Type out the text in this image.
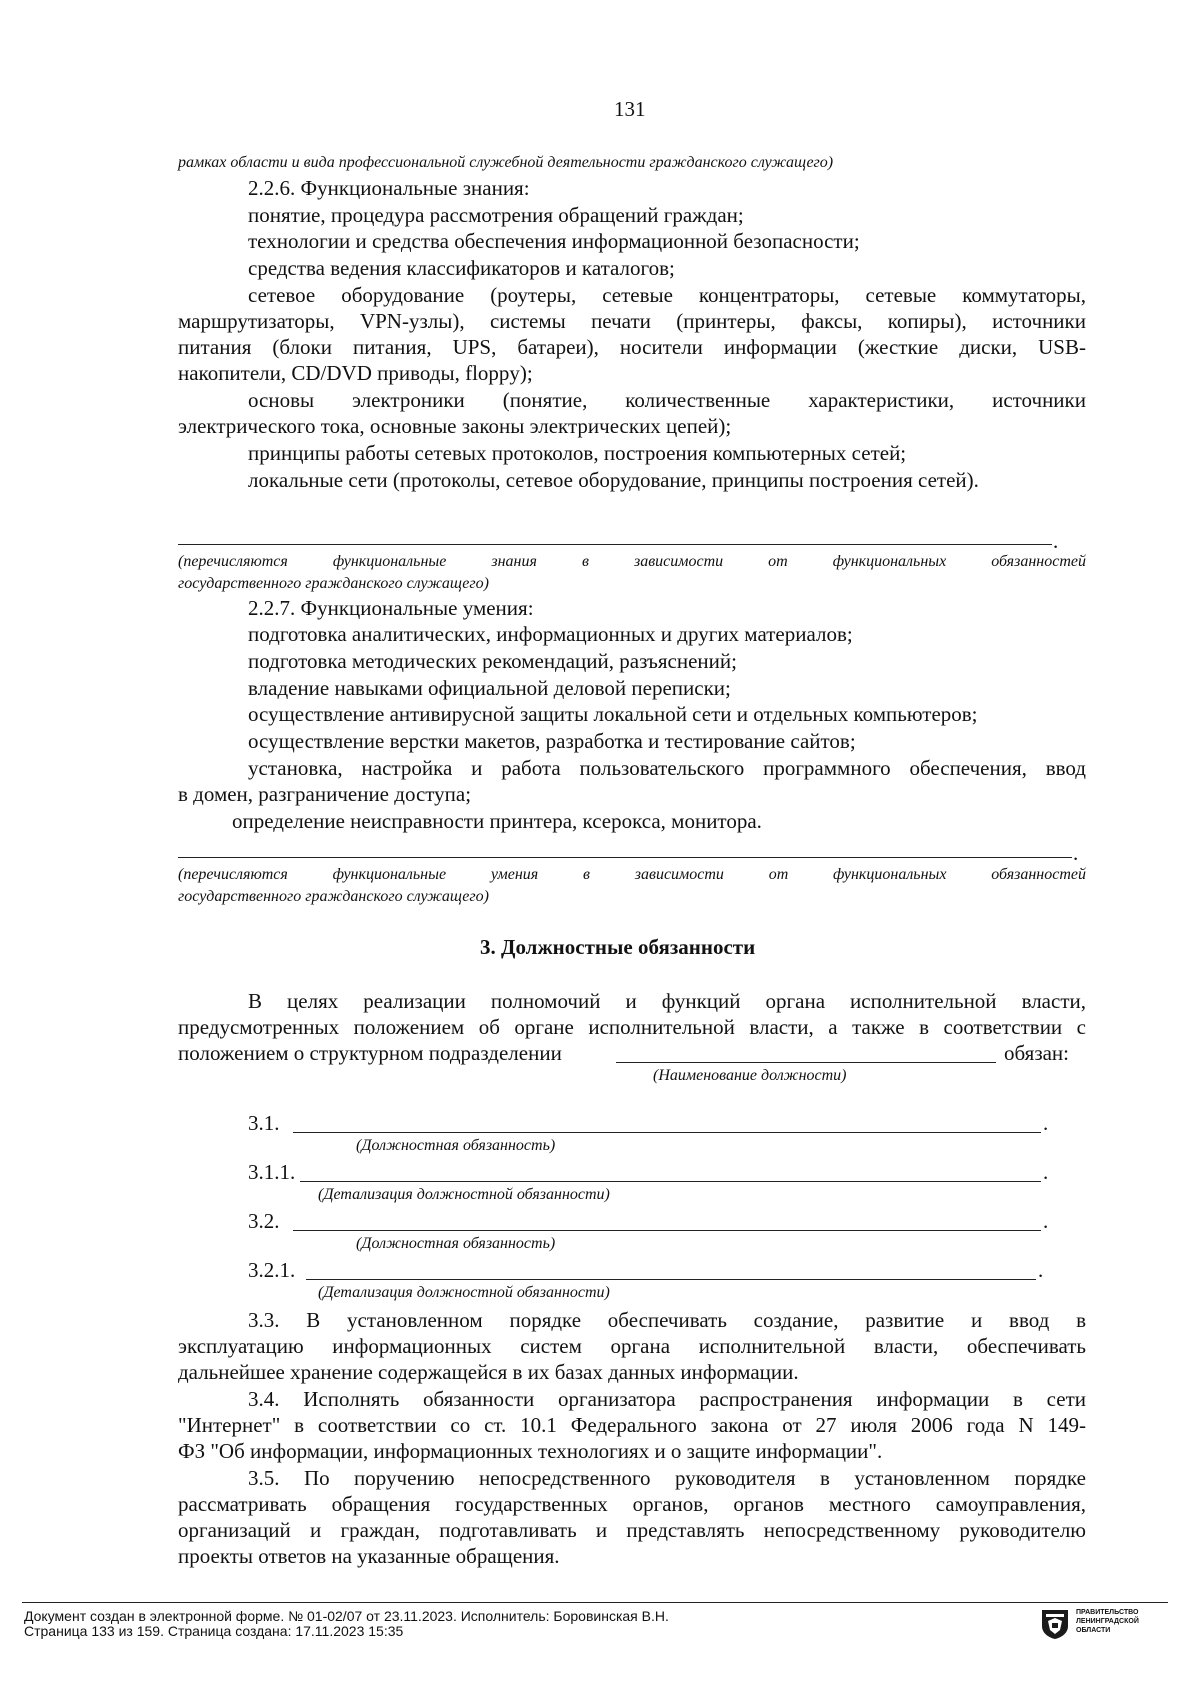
131
рамках области и вида профессиональной служебной деятельности гражданского служащего)
2.2.6. Функциональные знания:
понятие, процедура рассмотрения обращений граждан;
технологии и средства обеспечения информационной безопасности;
средства ведения классификаторов и каталогов;
сетевое оборудование (роутеры, сетевые концентраторы, сетевые коммутаторы,
маршрутизаторы, VPN-узлы), системы печати (принтеры, факсы, копиры), источники
питания (блоки питания, UPS, батареи), носители информации (жесткие диски, USB-
накопители, CD/DVD приводы, floppy);
основы электроники (понятие, количественные характеристики, источники
электрического тока, основные законы электрических цепей);
принципы работы сетевых протоколов, построения компьютерных сетей;
локальные сети (протоколы, сетевое оборудование, принципы построения сетей).
.
(перечисляются функциональные знания в зависимости от функциональных обязанностей
государственного гражданского служащего)
2.2.7. Функциональные умения:
подготовка аналитических, информационных и других материалов;
подготовка методических рекомендаций, разъяснений;
владение навыками официальной деловой переписки;
осуществление антивирусной защиты локальной сети и отдельных компьютеров;
осуществление верстки макетов, разработка и тестирование сайтов;
установка, настройка и работа пользовательского программного обеспечения, ввод
в домен, разграничение доступа;
определение неисправности принтера, ксерокса, монитора.
.
(перечисляются функциональные умения в зависимости от функциональных обязанностей
государственного гражданского служащего)
3. Должностные обязанности
В целях реализации полномочий и функций органа исполнительной власти,
предусмотренных положением об органе исполнительной власти, а также в соответствии с
положением о структурном подразделении	обязан:
(Наименование должности)
3.1.	.
(Должностная обязанность)
3.1.1.	.
(Детализация должностной обязанности)
3.2.	.
(Должностная обязанность)
3.2.1.	.
(Детализация должностной обязанности)
3.3. В установленном порядке обеспечивать создание, развитие и ввод в
эксплуатацию информационных систем органа исполнительной власти, обеспечивать
дальнейшее хранение содержащейся в их базах данных информации.
3.4. Исполнять обязанности организатора распространения информации в сети
"Интернет" в соответствии со ст. 10.1 Федерального закона от 27 июля 2006 года N 149-
ФЗ "Об информации, информационных технологиях и о защите информации".
3.5. По поручению непосредственного руководителя в установленном порядке
рассматривать обращения государственных органов, органов местного самоуправления,
организаций и граждан, подготавливать и представлять непосредственному руководителю
проекты ответов на указанные обращения.
Документ создан в электронной форме. № 01-02/07 от 23.11.2023. Исполнитель: Боровинская В.Н.
Страница 133 из 159. Страница создана: 17.11.2023 15:35
ПРАВИТЕЛЬСТВО
ЛЕНИНГРАДСКОЙ
ОБЛАСТИ
